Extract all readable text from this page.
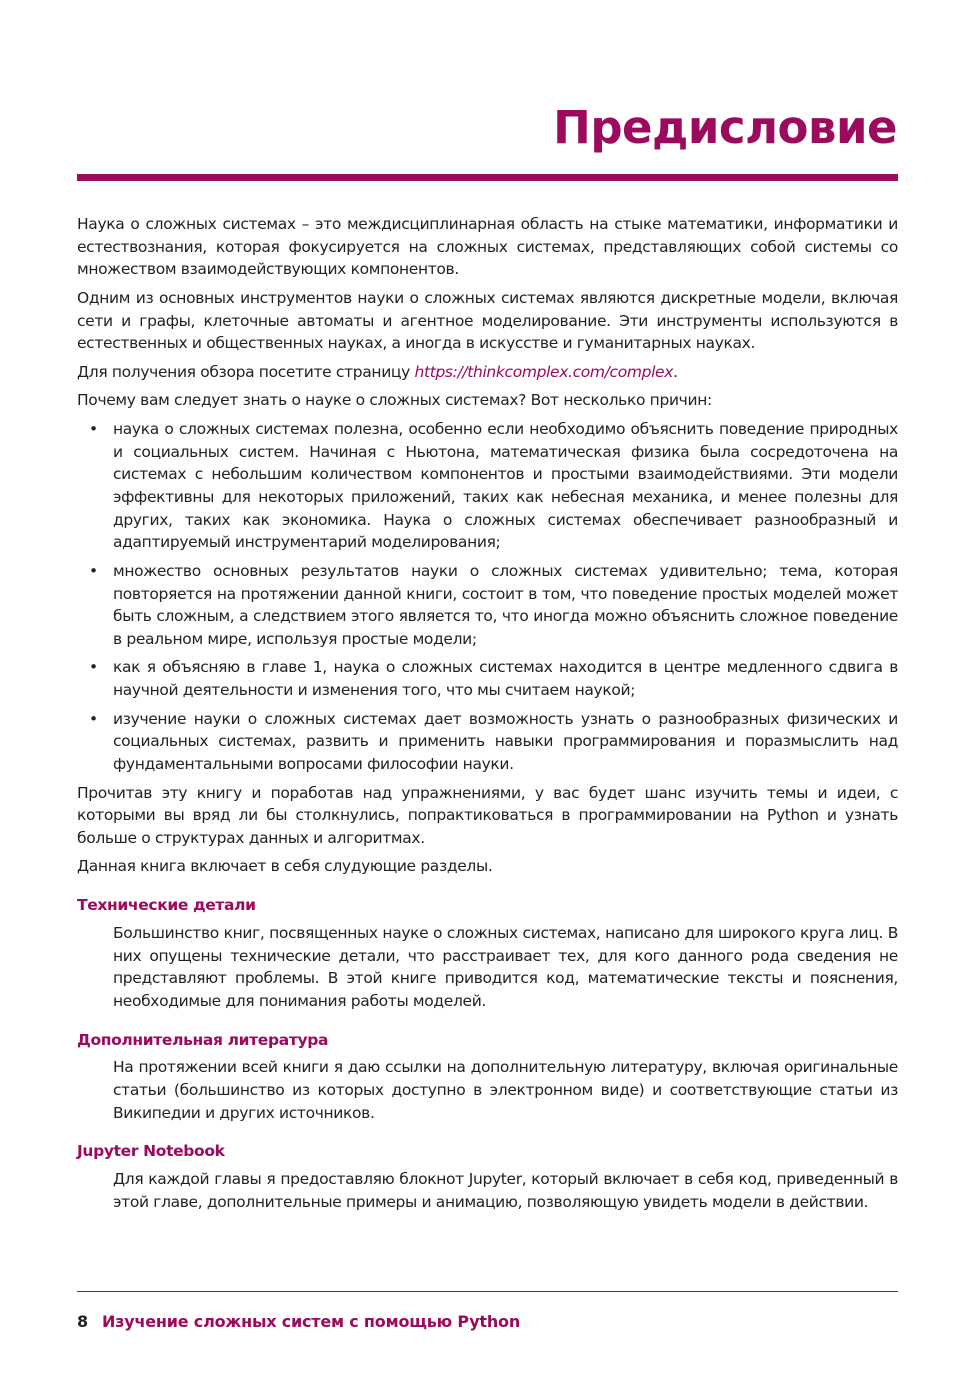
Предисловие

Наука о сложных системах – это междисциплинарная область на стыке математики, информатики и естествознания, которая фокусируется на сложных системах, представляющих собой системы со множеством взаимодействующих компонентов.

Одним из основных инструментов науки о сложных системах являются дискретные модели, включая сети и графы, клеточные автоматы и агентное моделирование. Эти инструменты используются в естественных и общественных науках, а иногда в искусстве и гуманитарных науках.

Для получения обзора посетите страницу https://thinkcomplex.com/complex.

Почему вам следует знать о науке о сложных системах? Вот несколько причин:

• наука о сложных системах полезна, особенно если необходимо объяснить поведение природных и социальных систем. Начиная с Ньютона, математическая физика была сосредоточена на системах с небольшим количеством компонентов и простыми взаимодействиями. Эти модели эффективны для некоторых приложений, таких как небесная механика, и менее полезны для других, таких как экономика. Наука о сложных системах обеспечивает разнообразный и адаптируемый инструментарий моделирования;
• множество основных результатов науки о сложных системах удивительно; тема, которая повторяется на протяжении данной книги, состоит в том, что поведение простых моделей может быть сложным, а следствием этого является то, что иногда можно объяснить сложное поведение в реальном мире, используя простые модели;
• как я объясняю в главе 1, наука о сложных системах находится в центре медленного сдвига в научной деятельности и изменения того, что мы считаем наукой;
• изучение науки о сложных системах дает возможность узнать о разнообразных физических и социальных системах, развить и применить навыки программирования и поразмыслить над фундаментальными вопросами философии науки.

Прочитав эту книгу и поработав над упражнениями, у вас будет шанс изучить темы и идеи, с которыми вы вряд ли бы столкнулись, попрактиковаться в программировании на Python и узнать больше о структурах данных и алгоритмах.

Данная книга включает в себя слудующие разделы.

Технические детали

Большинство книг, посвященных науке о сложных системах, написано для широкого круга лиц. В них опущены технические детали, что расстраивает тех, для кого данного рода сведения не представляют проблемы. В этой книге приводится код, математические тексты и пояснения, необходимые для понимания работы моделей.

Дополнительная литература

На протяжении всей книги я даю ссылки на дополнительную литературу, включая оригинальные статьи (большинство из которых доступно в электронном виде) и соответствующие статьи из Википедии и других источников.

Jupyter Notebook

Для каждой главы я предоставляю блокнот Jupyter, который включает в себя код, приведенный в этой главе, дополнительные примеры и анимацию, позволяющую увидеть модели в действии.

8 Изучение сложных систем с помощью Python
